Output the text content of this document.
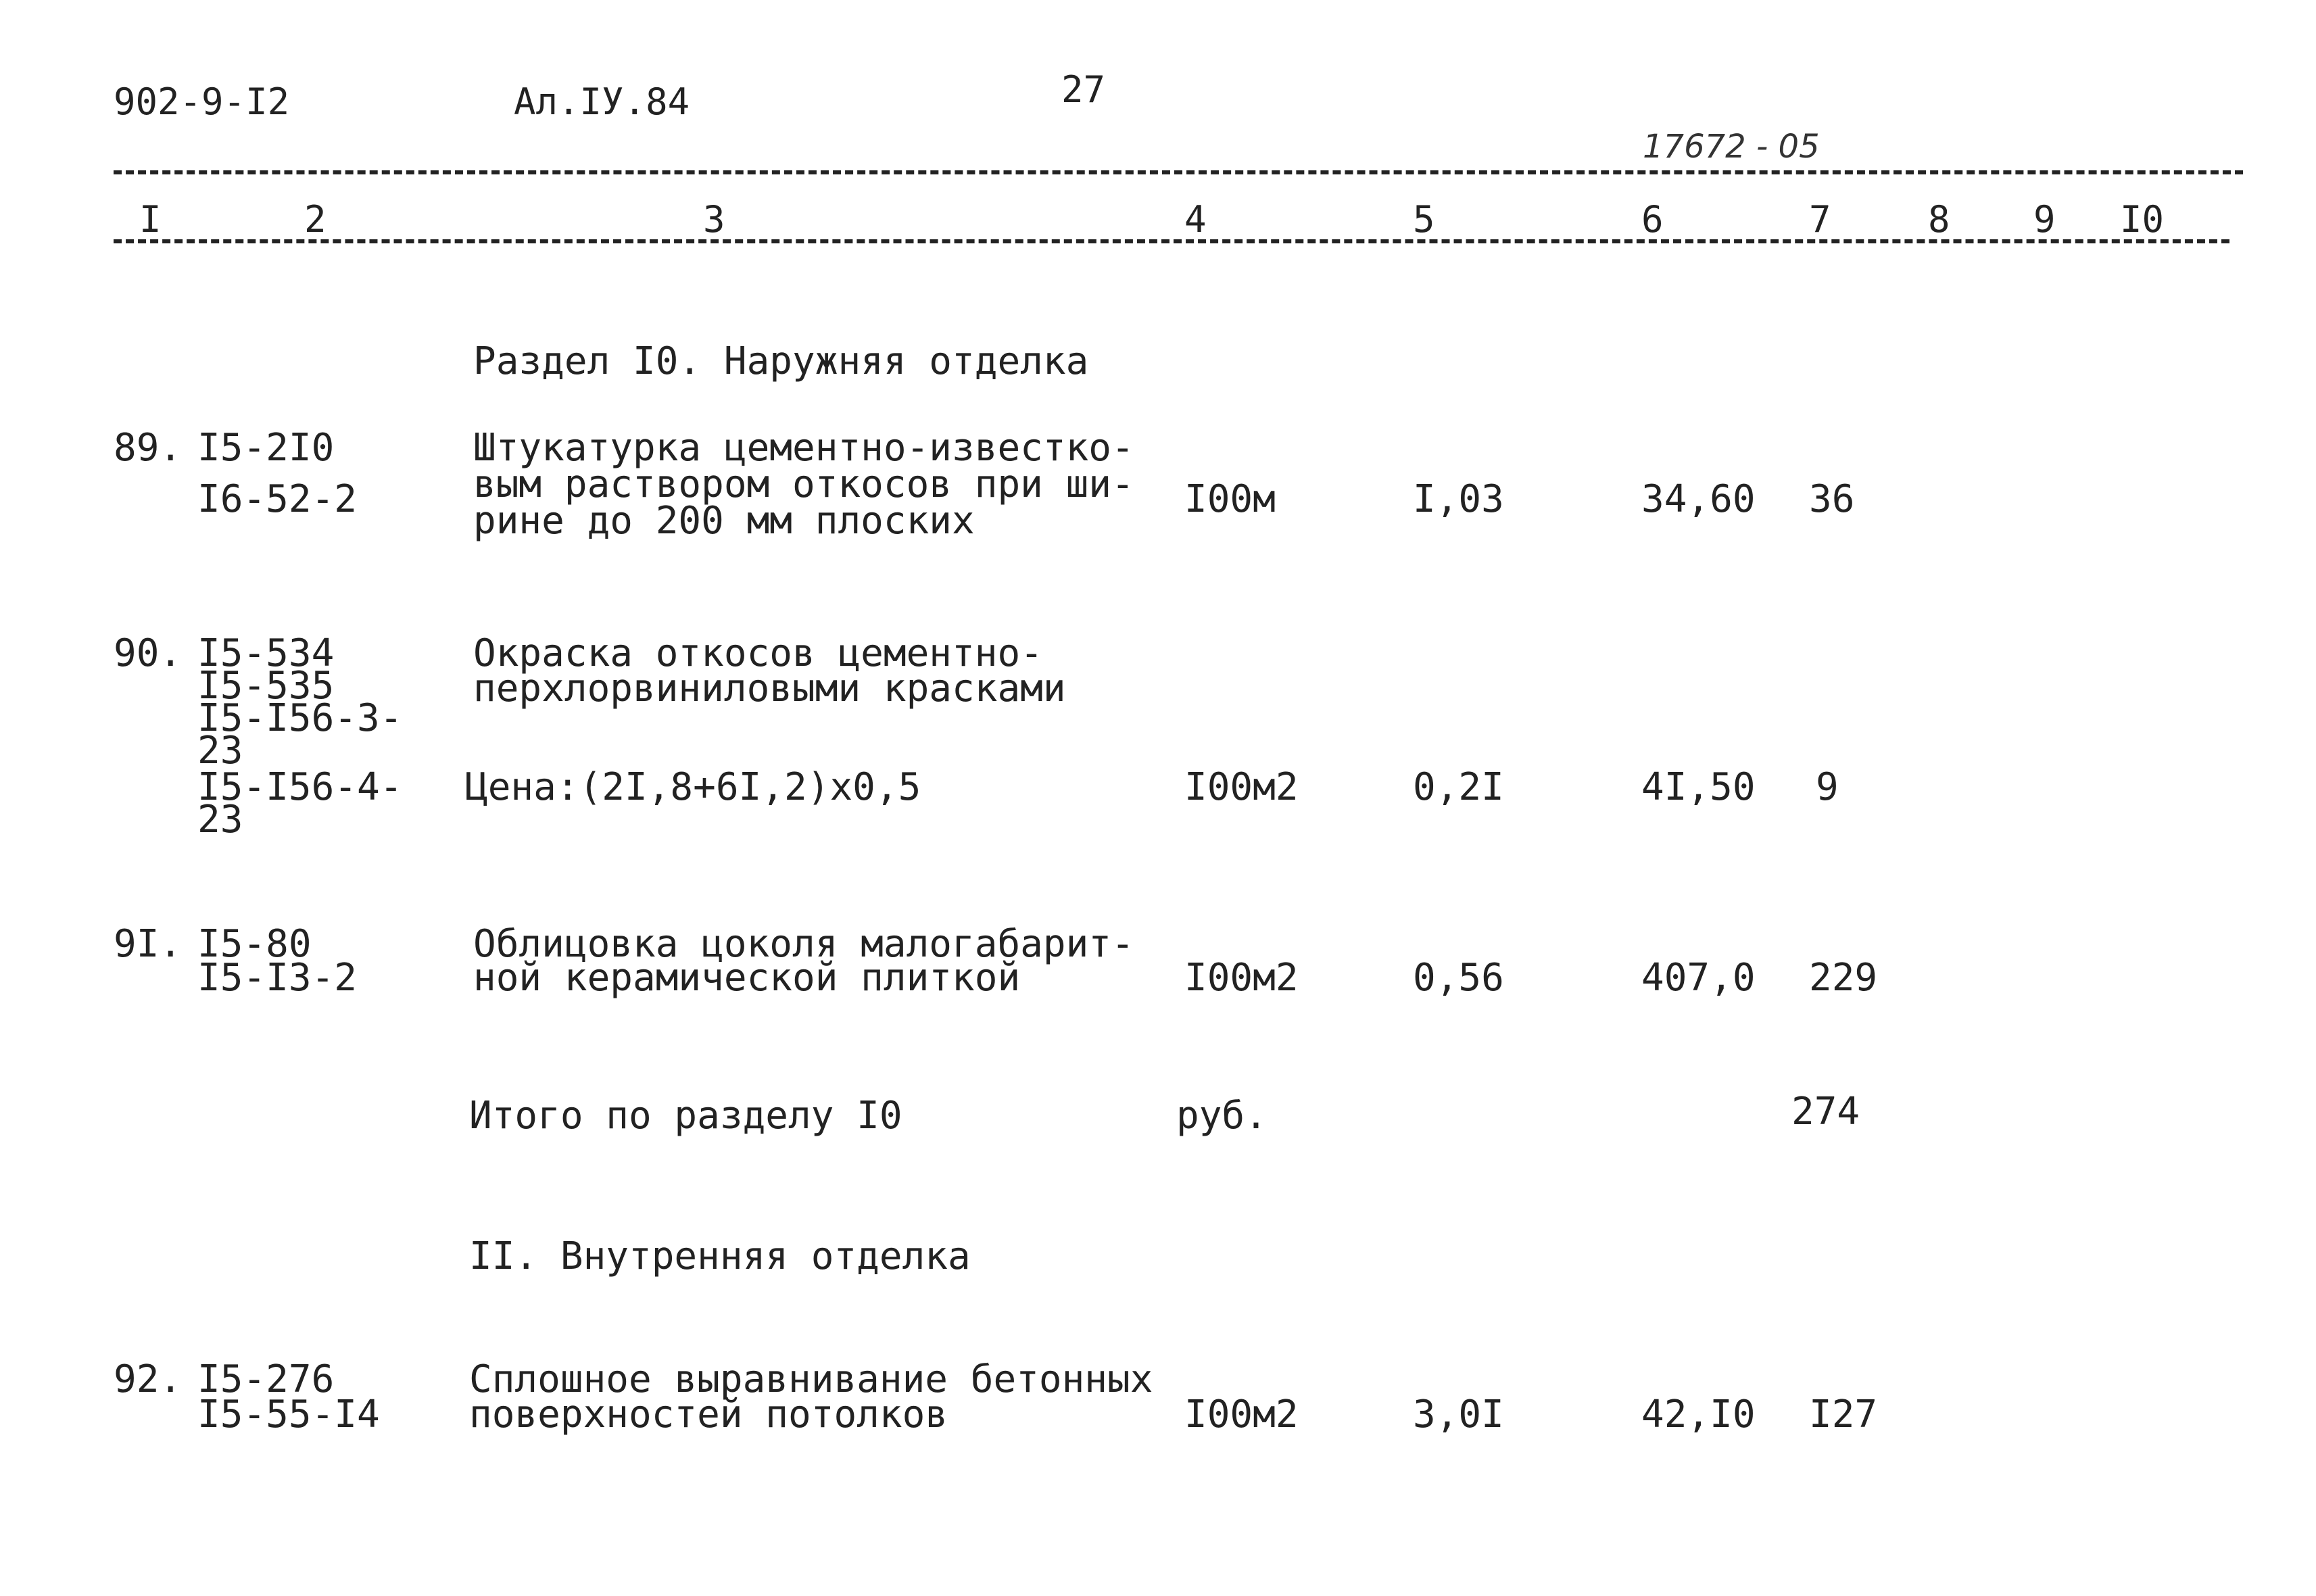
902-9-I2	Ал.IУ.84	27
17672 - 05
I	2	3	4	5	6	7	8 9 I0
Раздел I0. Наружняя отделка
89. I5-2I0
I6-52-2
Штукатурка цементно-известко-
вым раствором откосов при ши-
рине до 200 мм плоских	I00м	I,03	34,60 36
90. I5-534
I5-535
I5-I56-3-
23
I5-I56-4-
23
Окраска откосов цементно-
перхлорвиниловыми красками
Цена:(2I,8+6I,2)х0,5	I00м2	0,2I	4I,50 9
9I. I5-80
I5-I3-2
Облицовка цоколя малогабарит-
ной керамической плиткой	I00м2	0,56	407,0 229
Итого по разделу I0	руб.	274
II. Внутренняя отделка
92. I5-276
I5-55-I4
Сплошное выравнивание бетонных
поверхностей потолков	I00м2	3,0I	42,I0 I27
